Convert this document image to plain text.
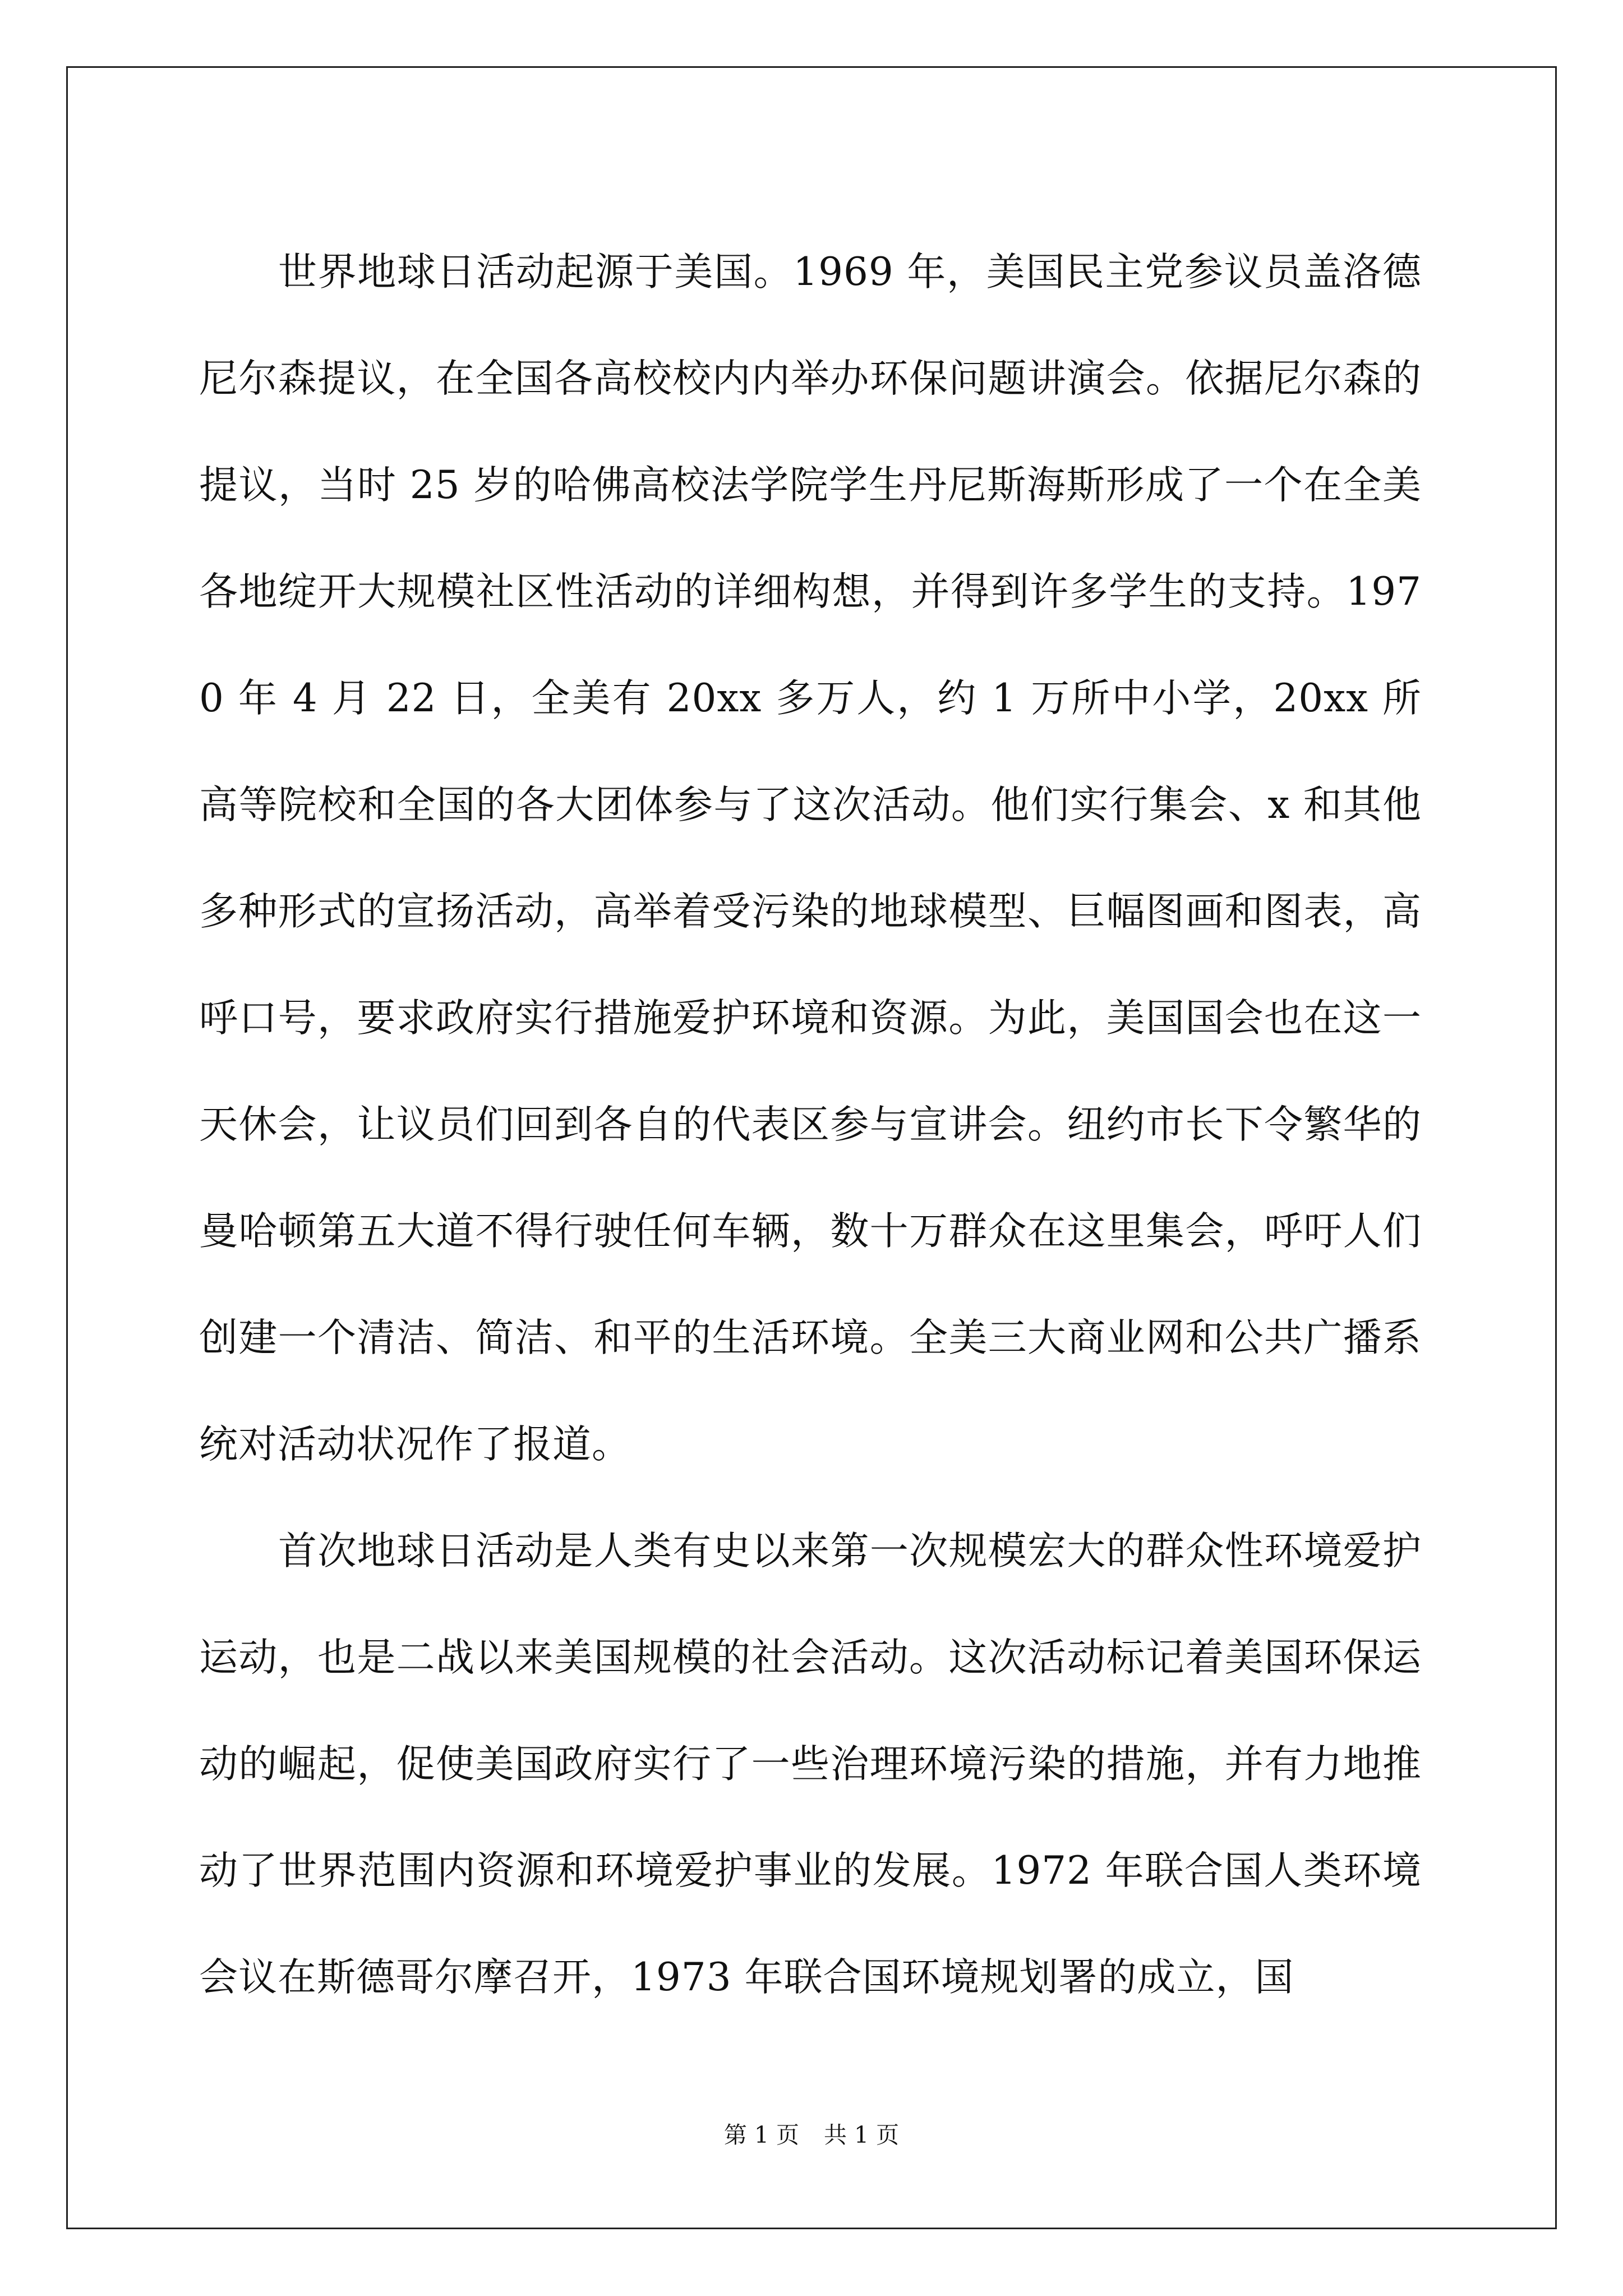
世界地球日活动起源于美国。1969 年，美国民主党参议员盖洛德尼尔森提议，在全国各高校校内内举办环保问题讲演会。依据尼尔森的提议，当时 25 岁的哈佛高校法学院学生丹尼斯海斯形成了一个在全美各地绽开大规模社区性活动的详细构想，并得到许多学生的支持。1970 年 4 月 22 日，全美有 20xx 多万人，约 1 万所中小学，20xx 所高等院校和全国的各大团体参与了这次活动。他们实行集会、x 和其他多种形式的宣扬活动，高举着受污染的地球模型、巨幅图画和图表，高呼口号，要求政府实行措施爱护环境和资源。为此，美国国会也在这一天休会，让议员们回到各自的代表区参与宣讲会。纽约市长下令繁华的曼哈顿第五大道不得行驶任何车辆，数十万群众在这里集会，呼吁人们创建一个清洁、简洁、和平的生活环境。全美三大商业网和公共广播系统对活动状况作了报道。

首次地球日活动是人类有史以来第一次规模宏大的群众性环境爱护运动，也是二战以来美国规模的社会活动。这次活动标记着美国环保运动的崛起，促使美国政府实行了一些治理环境污染的措施，并有力地推动了世界范围内资源和环境爱护事业的发展。1972 年联合国人类环境会议在斯德哥尔摩召开，1973 年联合国环境规划署的成立，国

第 1 页 共 1 页
